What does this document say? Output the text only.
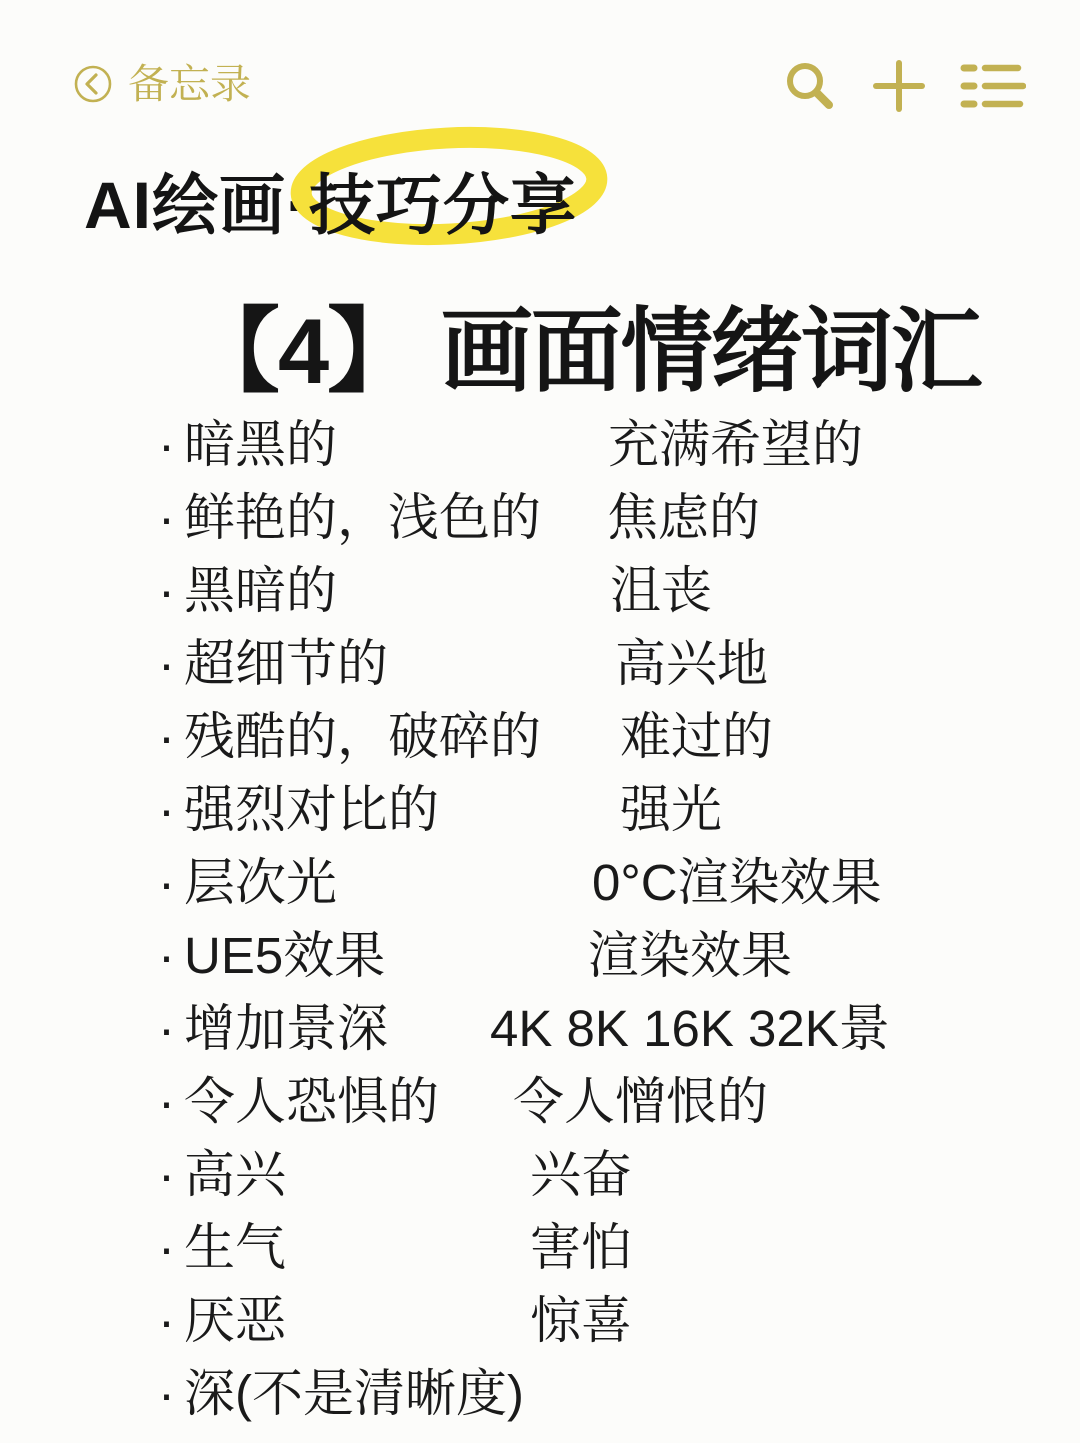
备忘录
AI绘画·
技巧分享
【4】 画面情绪词汇
· 暗黑的	充满希望的
· 鲜艳的，浅色的 焦虑的
· 黑暗的	沮丧
· 超细节的	高兴地
· 残酷的，破碎的 难过的
· 强烈对比的	强光
· 层次光	0°C渲染效果
· UE5效果	渲染效果
· 增加景深 4K 8K 16K 32K景
· 令人恐惧的 令人憎恨的
· 高兴	兴奋
· 生气	害怕
· 厌恶	惊喜
· 深(不是清晰度)
